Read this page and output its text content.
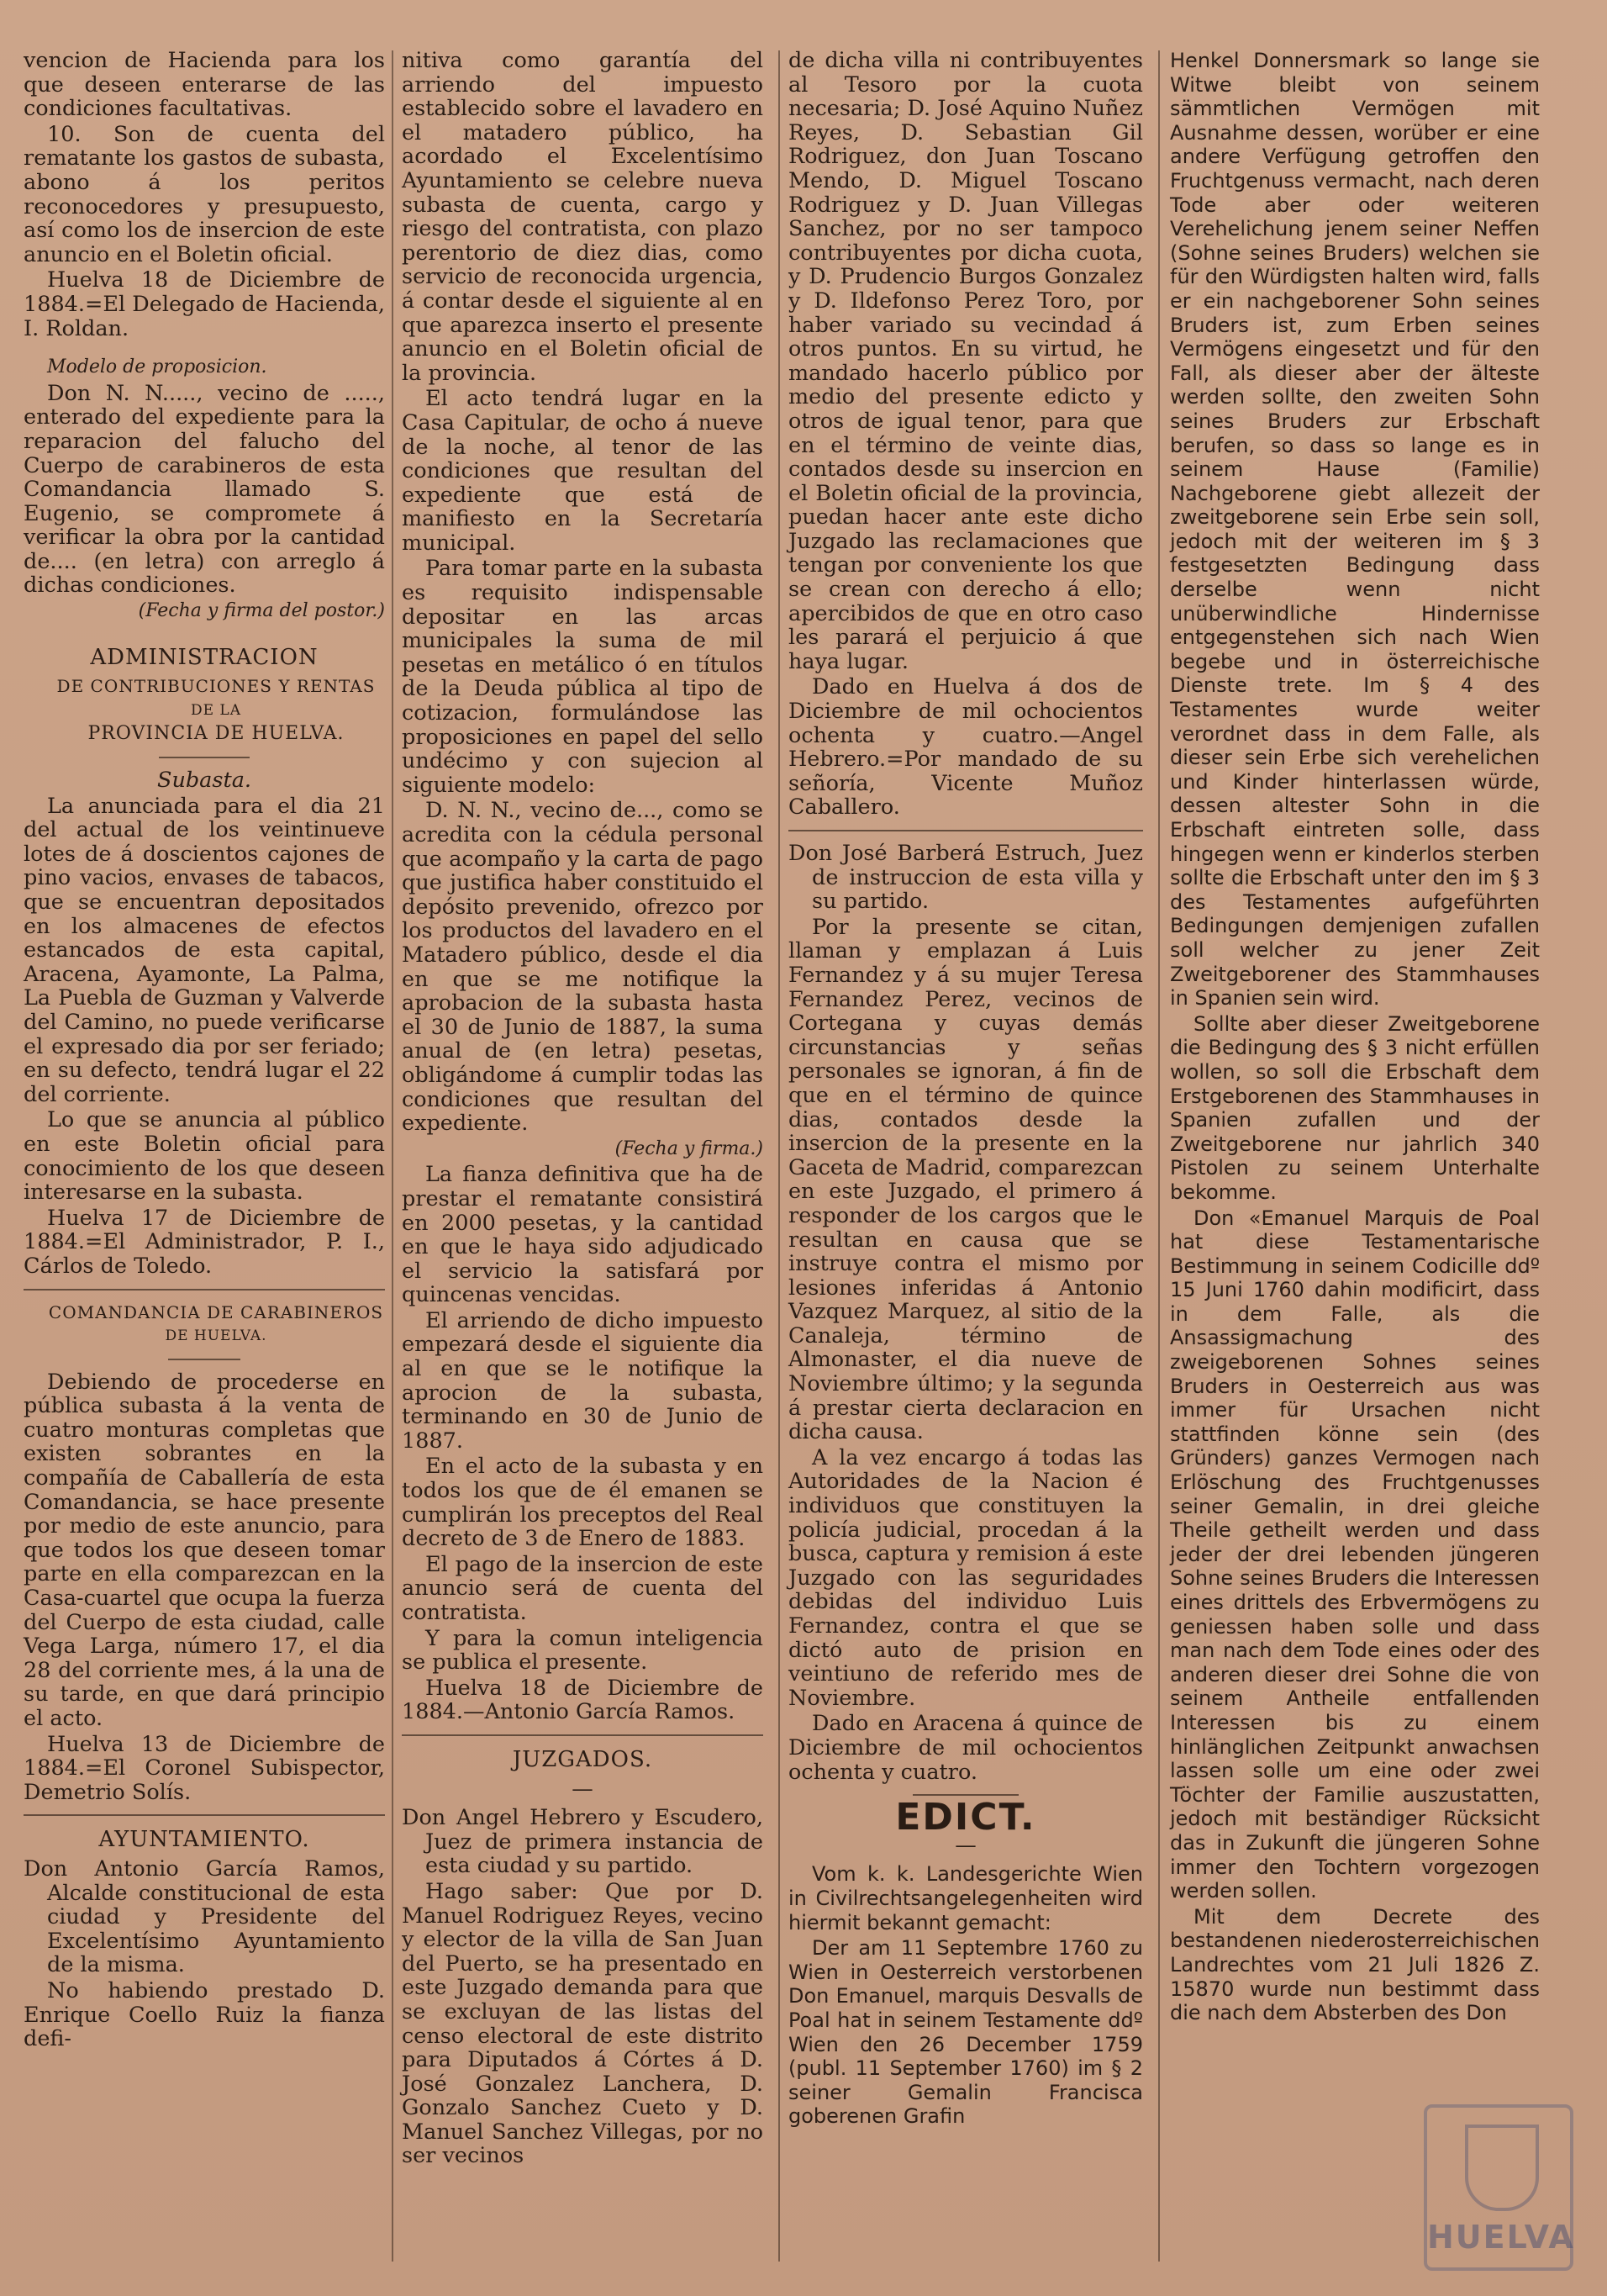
vencion de Hacienda para los que deseen enterarse de las condiciones facultativas.

10. Son de cuenta del rematante los gastos de subasta, abono á los peritos reconocedores y presupuesto, así como los de insercion de este anuncio en el Boletin oficial.

Huelva 18 de Diciembre de 1884.=El Delegado de Hacienda, I. Roldan.

Modelo de proposicion.

Don N. N....., vecino de ....., enterado del expediente para la reparacion del falucho del Cuerpo de carabineros de esta Comandancia llamado S. Eugenio, se compromete á verificar la obra por la cantidad de.... (en letra) con arreglo á dichas condiciones.

(Fecha y firma del postor.)

ADMINISTRACION

DE CONTRIBUCIONES Y RENTAS

DE LA

PROVINCIA DE HUELVA.

Subasta.

La anunciada para el dia 21 del actual de los veintinueve lotes de á doscientos cajones de pino vacios, envases de tabacos, que se encuentran depositados en los almacenes de efectos estancados de esta capital, Aracena, Ayamonte, La Palma, La Puebla de Guzman y Valverde del Camino, no puede verificarse el expresado dia por ser feriado; en su defecto, tendrá lugar el 22 del corriente.

Lo que se anuncia al público en este Boletin oficial para conocimiento de los que deseen interesarse en la subasta.

Huelva 17 de Diciembre de 1884.=El Administrador, P. I., Cárlos de Toledo.

COMANDANCIA DE CARABINEROS

DE HUELVA.

Debiendo de procederse en pública subasta á la venta de cuatro monturas completas que existen sobrantes en la compañía de Caballería de esta Comandancia, se hace presente por medio de este anuncio, para que todos los que deseen tomar parte en ella comparezcan en la Casa-cuartel que ocupa la fuerza del Cuerpo de esta ciudad, calle Vega Larga, número 17, el dia 28 del corriente mes, á la una de su tarde, en que dará principio el acto.

Huelva 13 de Diciembre de 1884.=El Coronel Subispector, Demetrio Solís.

AYUNTAMIENTO.

Don Antonio García Ramos, Alcalde constitucional de esta ciudad y Presidente del Excelentísimo Ayuntamiento de la misma.

No habiendo prestado D. Enrique Coello Ruiz la fianza defi-

nitiva como garantía del arriendo del impuesto establecido sobre el lavadero en el matadero público, ha acordado el Excelentísimo Ayuntamiento se celebre nueva subasta de cuenta, cargo y riesgo del contratista, con plazo perentorio de diez dias, como servicio de reconocida urgencia, á contar desde el siguiente al en que aparezca inserto el presente anuncio en el Boletin oficial de la provincia.

El acto tendrá lugar en la Casa Capitular, de ocho á nueve de la noche, al tenor de las condiciones que resultan del expediente que está de manifiesto en la Secretaría municipal.

Para tomar parte en la subasta es requisito indispensable depositar en las arcas municipales la suma de mil pesetas en metálico ó en títulos de la Deuda pública al tipo de cotizacion, formulándose las proposiciones en papel del sello undécimo y con sujecion al siguiente modelo:

D. N. N., vecino de..., como se acredita con la cédula personal que acompaño y la carta de pago que justifica haber constituido el depósito prevenido, ofrezco por los productos del lavadero en el Matadero público, desde el dia en que se me notifique la aprobacion de la subasta hasta el 30 de Junio de 1887, la suma anual de (en letra) pesetas, obligándome á cumplir todas las condiciones que resultan del expediente.

(Fecha y firma.)

La fianza definitiva que ha de prestar el rematante consistirá en 2000 pesetas, y la cantidad en que le haya sido adjudicado el servicio la satisfará por quincenas vencidas.

El arriendo de dicho impuesto empezará desde el siguiente dia al en que se le notifique la aprocion de la subasta, terminando en 30 de Junio de 1887.

En el acto de la subasta y en todos los que de él emanen se cumplirán los preceptos del Real decreto de 3 de Enero de 1883.

El pago de la insercion de este anuncio será de cuenta del contratista.

Y para la comun inteligencia se publica el presente.

Huelva 18 de Diciembre de 1884.—Antonio García Ramos.

JUZGADOS.
—

Don Angel Hebrero y Escudero, Juez de primera instancia de esta ciudad y su partido.

Hago saber: Que por D. Manuel Rodriguez Reyes, vecino y elector de la villa de San Juan del Puerto, se ha presentado en este Juzgado demanda para que se excluyan de las listas del censo electoral de este distrito para Diputados á Córtes á D. José Gonzalez Lanchera, D. Gonzalo Sanchez Cueto y D. Manuel Sanchez Villegas, por no ser vecinos

de dicha villa ni contribuyentes al Tesoro por la cuota necesaria; D. José Aquino Nuñez Reyes, D. Sebastian Gil Rodriguez, don Juan Toscano Mendo, D. Miguel Toscano Rodriguez y D. Juan Villegas Sanchez, por no ser tampoco contribuyentes por dicha cuota, y D. Prudencio Burgos Gonzalez y D. Ildefonso Perez Toro, por haber variado su vecindad á otros puntos. En su virtud, he mandado hacerlo público por medio del presente edicto y otros de igual tenor, para que en el término de veinte dias, contados desde su insercion en el Boletin oficial de la provincia, puedan hacer ante este dicho Juzgado las reclamaciones que tengan por conveniente los que se crean con derecho á ello; apercibidos de que en otro caso les parará el perjuicio á que haya lugar.

Dado en Huelva á dos de Diciembre de mil ochocientos ochenta y cuatro.—Angel Hebrero.=Por mandado de su señoría, Vicente Muñoz Caballero.

Don José Barberá Estruch, Juez de instruccion de esta villa y su partido.

Por la presente se citan, llaman y emplazan á Luis Fernandez y á su mujer Teresa Fernandez Perez, vecinos de Cortegana y cuyas demás circunstancias y señas personales se ignoran, á fin de que en el término de quince dias, contados desde la insercion de la presente en la Gaceta de Madrid, comparezcan en este Juzgado, el primero á responder de los cargos que le resultan en causa que se instruye contra el mismo por lesiones inferidas á Antonio Vazquez Marquez, al sitio de la Canaleja, término de Almonaster, el dia nueve de Noviembre último; y la segunda á prestar cierta declaracion en dicha causa.

A la vez encargo á todas las Autoridades de la Nacion é individuos que constituyen la policía judicial, procedan á la busca, captura y remision á este Juzgado con las seguridades debidas del individuo Luis Fernandez, contra el que se dictó auto de prision en veintiuno de referido mes de Noviembre.

Dado en Aracena á quince de Diciembre de mil ochocientos ochenta y cuatro.

EDICT.
—

Vom k. k. Landesgerichte Wien in Civilrechtsangelegenheiten wird hiermit bekannt gemacht:

Der am 11 Septembre 1760 zu Wien in Oesterreich verstorbenen Don Emanuel, marquis Desvalls de Poal hat in seinem Testamente ddº Wien den 26 December 1759 (publ. 11 September 1760) im § 2 seiner Gemalin Francisca goberenen Grafin

Henkel Donnersmark so lange sie Witwe bleibt von seinem sämmtlichen Vermögen mit Ausnahme dessen, worüber er eine andere Verfügung getroffen den Fruchtgenuss vermacht, nach deren Tode aber oder weiteren Verehelichung jenem seiner Neffen (Sohne seines Bruders) welchen sie für den Würdigsten halten wird, falls er ein nachgeborener Sohn seines Bruders ist, zum Erben seines Vermögens eingesetzt und für den Fall, als dieser aber der älteste werden sollte, den zweiten Sohn seines Bruders zur Erbschaft berufen, so dass so lange es in seinem Hause (Familie) Nachgeborene giebt allezeit der zweitgeborene sein Erbe sein soll, jedoch mit der weiteren im § 3 festgesetzten Bedingung dass derselbe wenn nicht unüberwindliche Hindernisse entgegenstehen sich nach Wien begebe und in österreichische Dienste trete. Im § 4 des Testamentes wurde weiter verordnet dass in dem Falle, als dieser sein Erbe sich verehelichen und Kinder hinterlassen würde, dessen altester Sohn in die Erbschaft eintreten solle, dass hingegen wenn er kinderlos sterben sollte die Erbschaft unter den im § 3 des Testamentes aufgeführten Bedingungen demjenigen zufallen soll welcher zu jener Zeit Zweitgeborener des Stammhauses in Spanien sein wird.

Sollte aber dieser Zweitgeborene die Bedingung des § 3 nicht erfüllen wollen, so soll die Erbschaft dem Erstgeborenen des Stammhauses in Spanien zufallen und der Zweitgeborene nur jahrlich 340 Pistolen zu seinem Unterhalte bekomme.

Don «Emanuel Marquis de Poal hat diese Testamentarische Bestimmung in seinem Codicille ddº 15 Juni 1760 dahin modificirt, dass in dem Falle, als die Ansassigmachung des zweigeborenen Sohnes seines Bruders in Oesterreich aus was immer für Ursachen nicht stattfinden könne sein (des Gründers) ganzes Vermogen nach Erlöschung des Fruchtgenusses seiner Gemalin, in drei gleiche Theile getheilt werden und dass jeder der drei lebenden jüngeren Sohne seines Bruders die Interessen eines drittels des Erbvermögens zu geniessen haben solle und dass man nach dem Tode eines oder des anderen dieser drei Sohne die von seinem Antheile entfallenden Interessen bis zu einem hinlänglichen Zeitpunkt anwachsen lassen solle um eine oder zwei Töchter der Familie auszustatten, jedoch mit beständiger Rücksicht das in Zukunft die jüngeren Sohne immer den Tochtern vorgezogen werden sollen.

Mit dem Decrete des bestandenen niederosterreichischen Landrechtes vom 21 Juli 1826 Z. 15870 wurde nun bestimmt dass die nach dem Absterben des Don

HUELVA
